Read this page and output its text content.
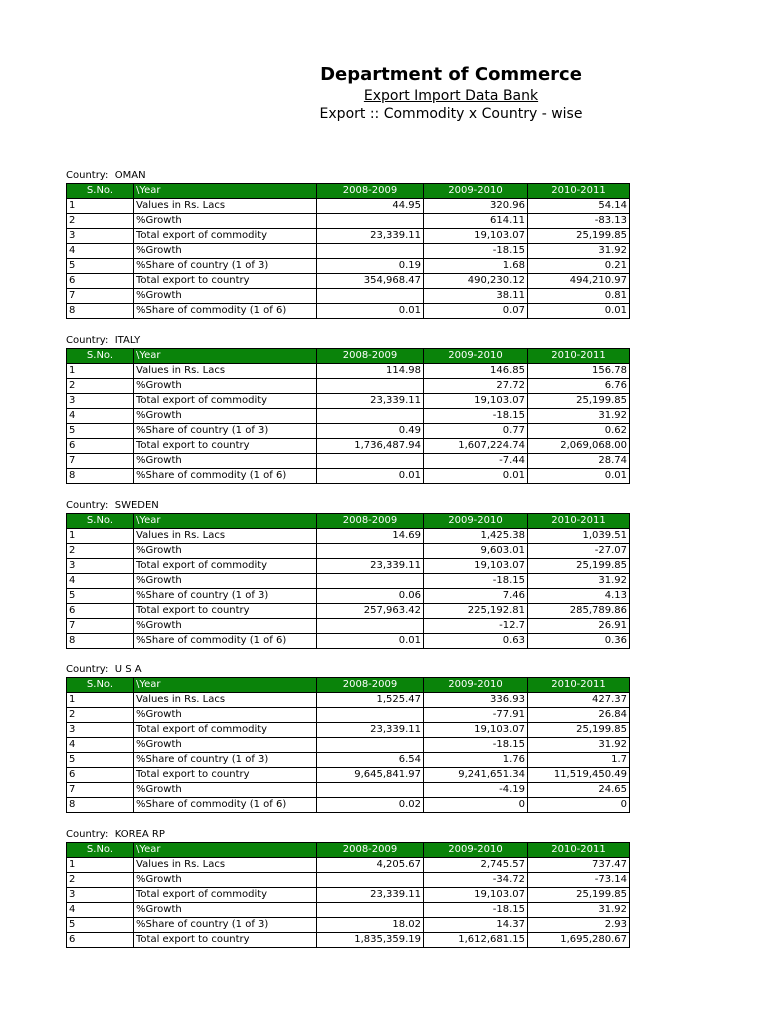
Department of Commerce
Export Import Data Bank
Export :: Commodity x Country - wise
Country:  OMAN
S.No.	\Year	2008-2009	2009-2010	2010-2011
1	Values in Rs. Lacs	44.95	320.96	54.14
2	%Growth		614.11	-83.13
3	Total export of commodity	23,339.11	19,103.07	25,199.85
4	%Growth		-18.15	31.92
5	%Share of country (1 of 3)	0.19	1.68	0.21
6	Total export to country	354,968.47	490,230.12	494,210.97
7	%Growth		38.11	0.81
8	%Share of commodity (1 of 6)	0.01	0.07	0.01
Country:  ITALY
S.No.	\Year	2008-2009	2009-2010	2010-2011
1	Values in Rs. Lacs	114.98	146.85	156.78
2	%Growth		27.72	6.76
3	Total export of commodity	23,339.11	19,103.07	25,199.85
4	%Growth		-18.15	31.92
5	%Share of country (1 of 3)	0.49	0.77	0.62
6	Total export to country	1,736,487.94	1,607,224.74	2,069,068.00
7	%Growth		-7.44	28.74
8	%Share of commodity (1 of 6)	0.01	0.01	0.01
Country:  SWEDEN
S.No.	\Year	2008-2009	2009-2010	2010-2011
1	Values in Rs. Lacs	14.69	1,425.38	1,039.51
2	%Growth		9,603.01	-27.07
3	Total export of commodity	23,339.11	19,103.07	25,199.85
4	%Growth		-18.15	31.92
5	%Share of country (1 of 3)	0.06	7.46	4.13
6	Total export to country	257,963.42	225,192.81	285,789.86
7	%Growth		-12.7	26.91
8	%Share of commodity (1 of 6)	0.01	0.63	0.36
Country:  U S A
S.No.	\Year	2008-2009	2009-2010	2010-2011
1	Values in Rs. Lacs	1,525.47	336.93	427.37
2	%Growth		-77.91	26.84
3	Total export of commodity	23,339.11	19,103.07	25,199.85
4	%Growth		-18.15	31.92
5	%Share of country (1 of 3)	6.54	1.76	1.7
6	Total export to country	9,645,841.97	9,241,651.34	11,519,450.49
7	%Growth		-4.19	24.65
8	%Share of commodity (1 of 6)	0.02	0	0
Country:  KOREA RP
S.No.	\Year	2008-2009	2009-2010	2010-2011
1	Values in Rs. Lacs	4,205.67	2,745.57	737.47
2	%Growth		-34.72	-73.14
3	Total export of commodity	23,339.11	19,103.07	25,199.85
4	%Growth		-18.15	31.92
5	%Share of country (1 of 3)	18.02	14.37	2.93
6	Total export to country	1,835,359.19	1,612,681.15	1,695,280.67
